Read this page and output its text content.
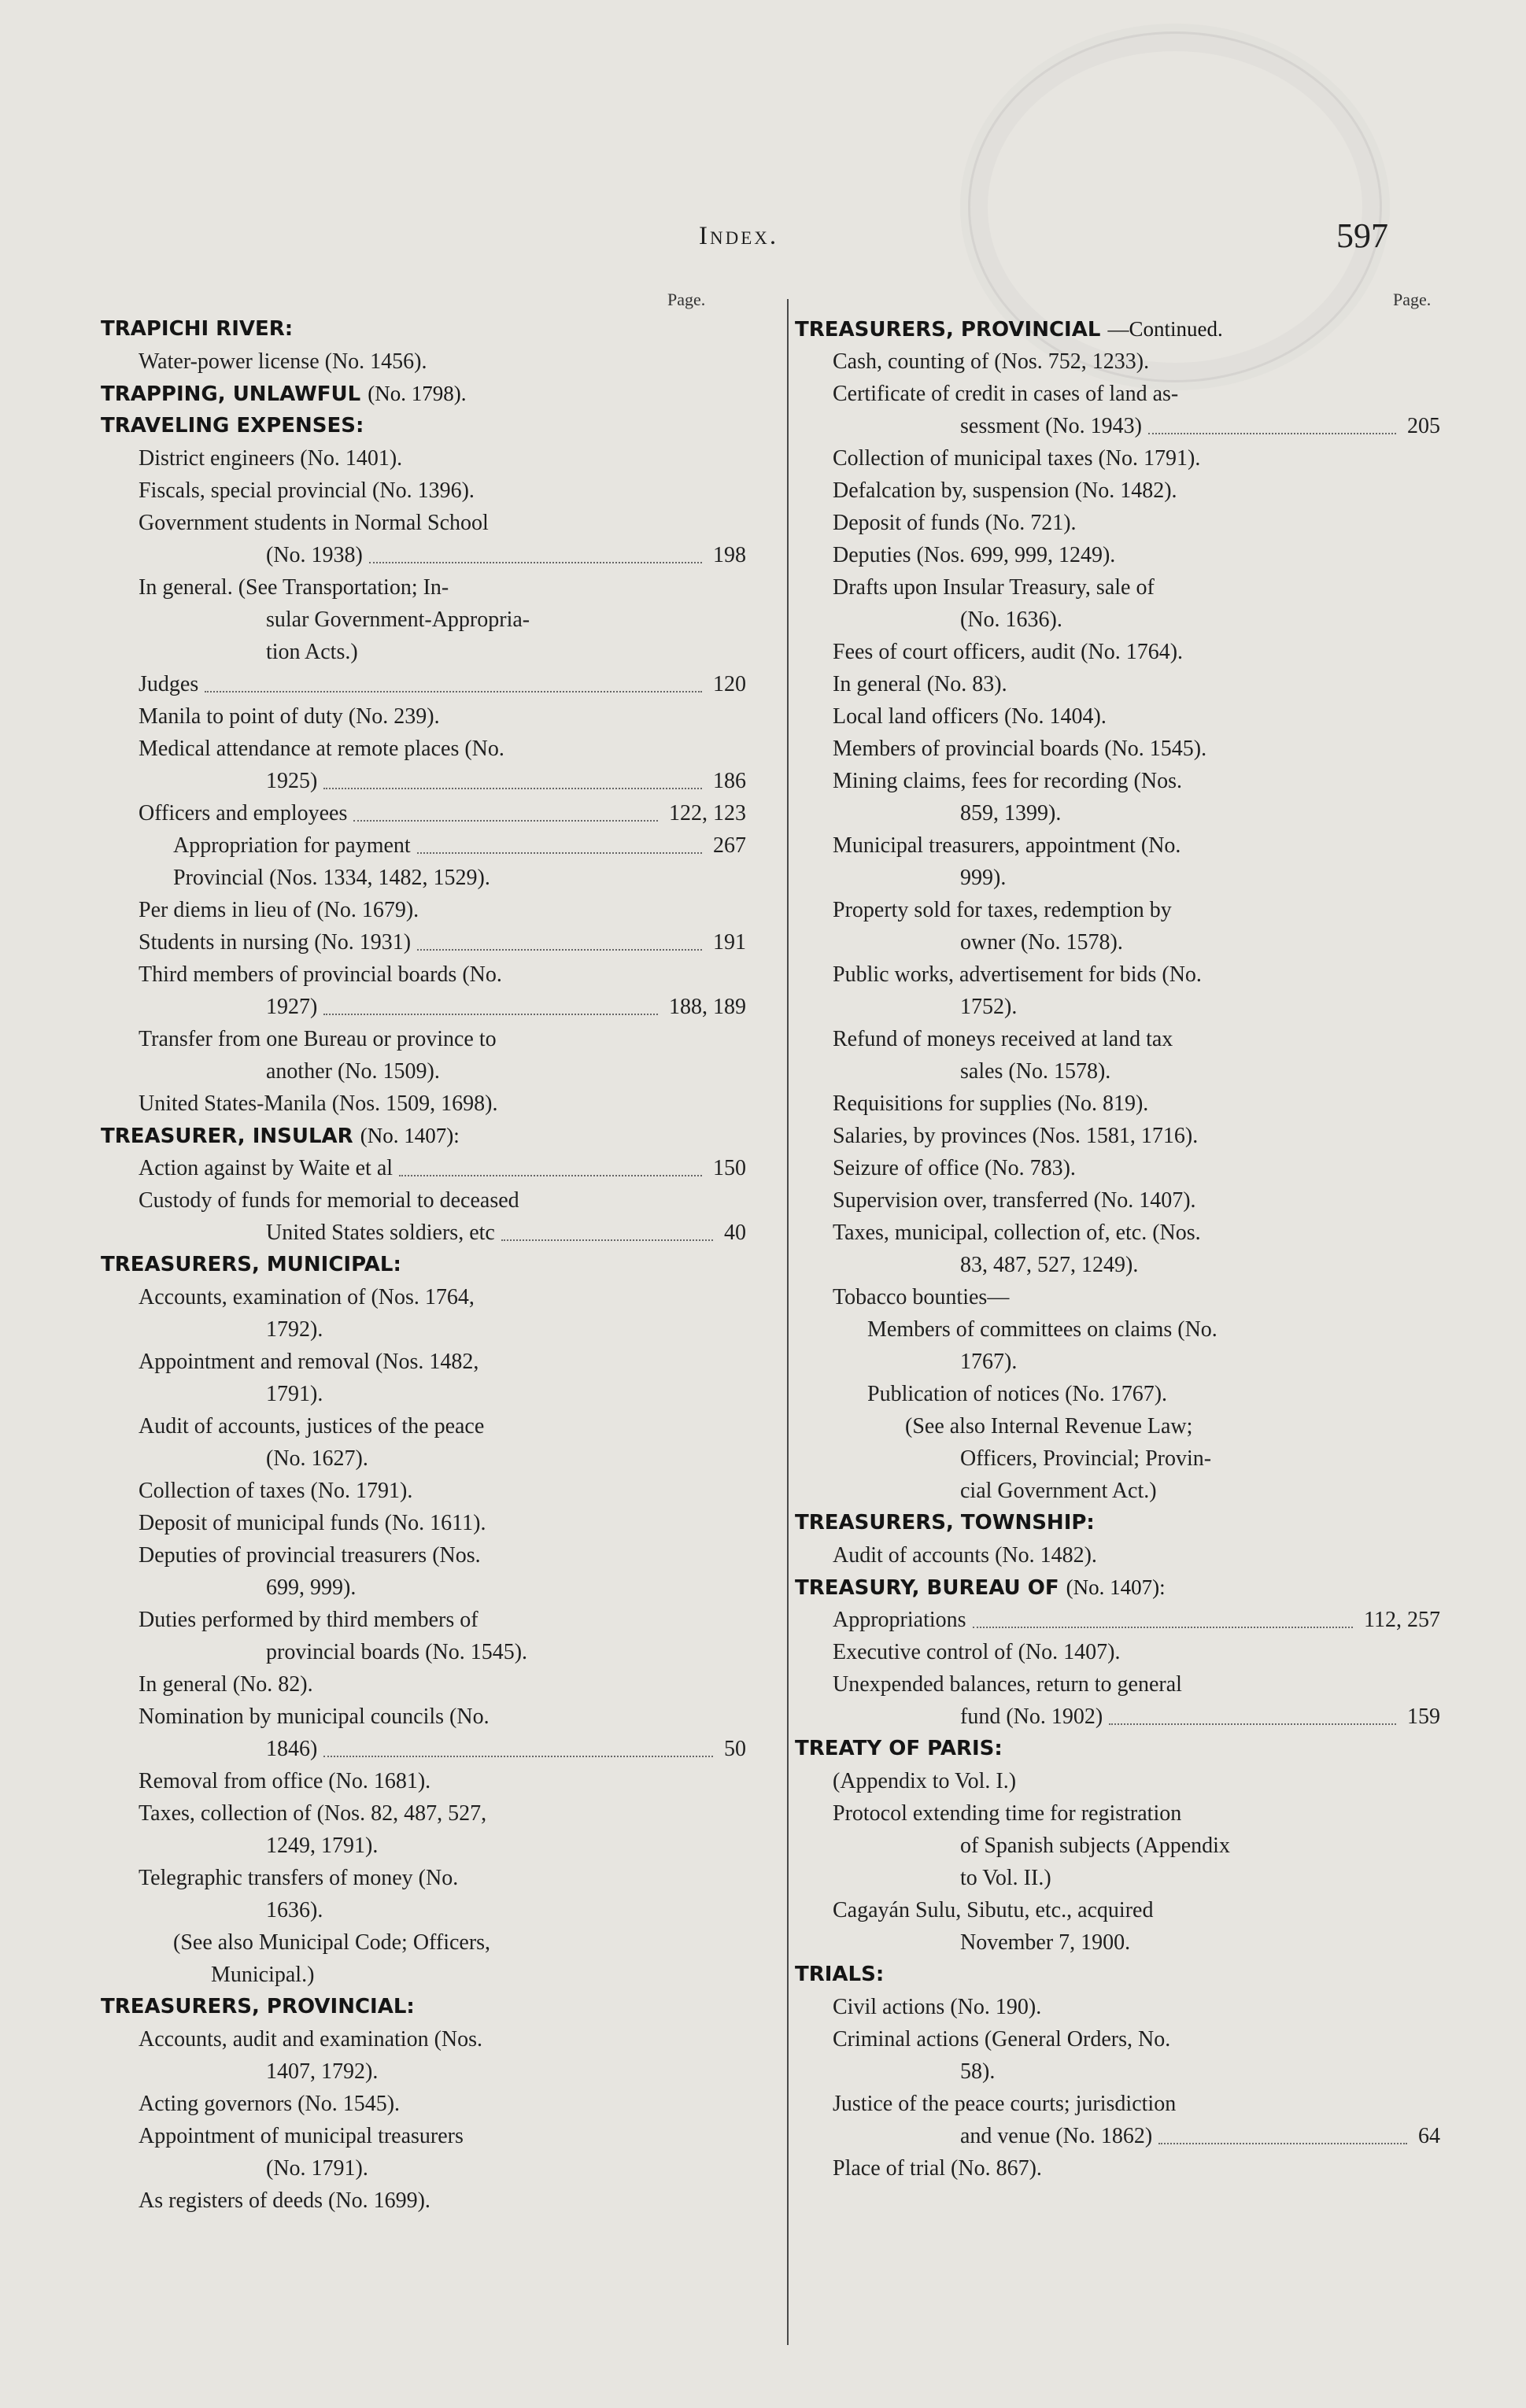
Index.	597
Page.	Page.
TRAPICHI RIVER:
Water-power license (No. 1456).
TRAPPING, UNLAWFUL (No. 1798).
TRAVELING EXPENSES:
District engineers (No. 1401).
Fiscals, special provincial (No. 1396).
Government students in Normal School
(No. 1938)	198
In general. (See Transportation; In-
sular Government-Appropria-
tion Acts.)
Judges	120
Manila to point of duty (No. 239).
Medical attendance at remote places (No.
1925)	186
Officers and employees	122, 123
Appropriation for payment	267
Provincial (Nos. 1334, 1482, 1529).
Per diems in lieu of (No. 1679).
Students in nursing (No. 1931)	191
Third members of provincial boards (No.
1927)	188, 189
Transfer from one Bureau or province to
another (No. 1509).
United States-Manila (Nos. 1509, 1698).
TREASURER, INSULAR (No. 1407):
Action against by Waite et al	150
Custody of funds for memorial to deceased
United States soldiers, etc	40
TREASURERS, MUNICIPAL:
Accounts, examination of (Nos. 1764,
1792).
Appointment and removal (Nos. 1482,
1791).
Audit of accounts, justices of the peace
(No. 1627).
Collection of taxes (No. 1791).
Deposit of municipal funds (No. 1611).
Deputies of provincial treasurers (Nos.
699, 999).
Duties performed by third members of
provincial boards (No. 1545).
In general (No. 82).
Nomination by municipal councils (No.
1846)	50
Removal from office (No. 1681).
Taxes, collection of (Nos. 82, 487, 527,
1249, 1791).
Telegraphic transfers of money (No.
1636).
(See also Municipal Code; Officers,
Municipal.)
TREASURERS, PROVINCIAL:
Accounts, audit and examination (Nos.
1407, 1792).
Acting governors (No. 1545).
Appointment of municipal treasurers
(No. 1791).
As registers of deeds (No. 1699).
TREASURERS, PROVINCIAL —Continued.
Cash, counting of (Nos. 752, 1233).
Certificate of credit in cases of land as-
sessment (No. 1943)	205
Collection of municipal taxes (No. 1791).
Defalcation by, suspension (No. 1482).
Deposit of funds (No. 721).
Deputies (Nos. 699, 999, 1249).
Drafts upon Insular Treasury, sale of
(No. 1636).
Fees of court officers, audit (No. 1764).
In general (No. 83).
Local land officers (No. 1404).
Members of provincial boards (No. 1545).
Mining claims, fees for recording (Nos.
859, 1399).
Municipal treasurers, appointment (No.
999).
Property sold for taxes, redemption by
owner (No. 1578).
Public works, advertisement for bids (No.
1752).
Refund of moneys received at land tax
sales (No. 1578).
Requisitions for supplies (No. 819).
Salaries, by provinces (Nos. 1581, 1716).
Seizure of office (No. 783).
Supervision over, transferred (No. 1407).
Taxes, municipal, collection of, etc. (Nos.
83, 487, 527, 1249).
Tobacco bounties—
Members of committees on claims (No.
1767).
Publication of notices (No. 1767).
(See also Internal Revenue Law;
Officers, Provincial; Provin-
cial Government Act.)
TREASURERS, TOWNSHIP:
Audit of accounts (No. 1482).
TREASURY, BUREAU OF (No. 1407):
Appropriations	112, 257
Executive control of (No. 1407).
Unexpended balances, return to general
fund (No. 1902)	159
TREATY OF PARIS:
(Appendix to Vol. I.)
Protocol extending time for registration
of Spanish subjects (Appendix
to Vol. II.)
Cagayán Sulu, Sibutu, etc., acquired
November 7, 1900.
TRIALS:
Civil actions (No. 190).
Criminal actions (General Orders, No.
58).
Justice of the peace courts; jurisdiction
and venue (No. 1862)	64
Place of trial (No. 867).
